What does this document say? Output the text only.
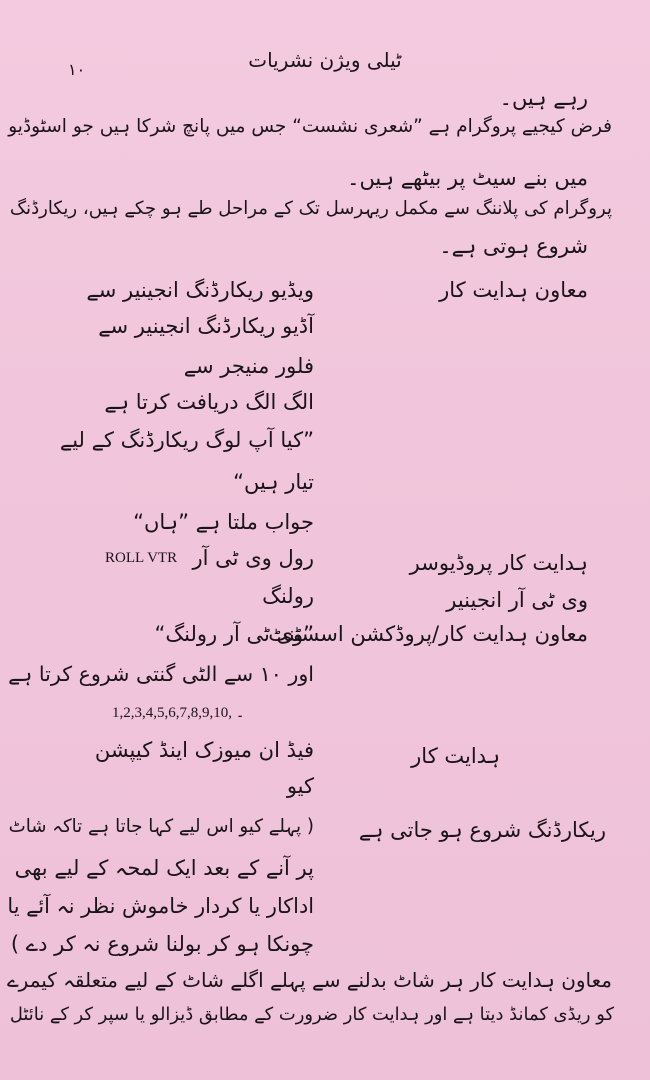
ٹیلی ویژن نشریات
۱۰
رہے ہیں۔
فرض کیجیے پروگرام ہے ”شعری نشست“ جس میں پانچ شرکا ہیں جو اسٹوڈیو
میں بنے سیٹ پر بیٹھے ہیں۔
پروگرام کی پلاننگ سے مکمل ریہرسل تک کے مراحل طے ہو چکے ہیں، ریکارڈنگ
شروع ہوتی ہے۔
معاون ہدایت کار
ہدایت کار پروڈیوسر
وی ٹی آر انجینیر
معاون ہدایت کار/پروڈکشن اسسٹنٹ
ہدایت کار
ریکارڈنگ شروع ہو جاتی ہے
ویڈیو ریکارڈنگ انجینیر سے
آڈیو ریکارڈنگ انجینیر سے
فلور منیجر سے
الگ الگ دریافت کرتا ہے
”کیا آپ لوگ ریکارڈنگ کے لیے
تیار ہیں“
جواب ملتا ہے ”ہاں“
رول وی ٹی آر
ROLL VTR
رولنگ
”وی ٹی آر رولنگ“
اور ۱۰ سے الٹی گنتی شروع کرتا ہے
1,2,3,4,5,6,7,8,9,10, ۔
فیڈ ان میوزک اینڈ کیپشن
کیو
( پہلے کیو اس لیے کہا جاتا ہے تاکہ شاٹ
پر آنے کے بعد ایک لمحہ کے لیے بھی
اداکار یا کردار خاموش نظر نہ آئے یا
چونکا ہو کر بولنا شروع نہ کر دے )
معاون ہدایت کار ہر شاٹ بدلنے سے پہلے اگلے شاٹ کے لیے متعلقہ کیمرے
کو ریڈی کمانڈ دیتا ہے اور ہدایت کار ضرورت کے مطابق ڈیزالو یا سپر کر کے نائٹل
